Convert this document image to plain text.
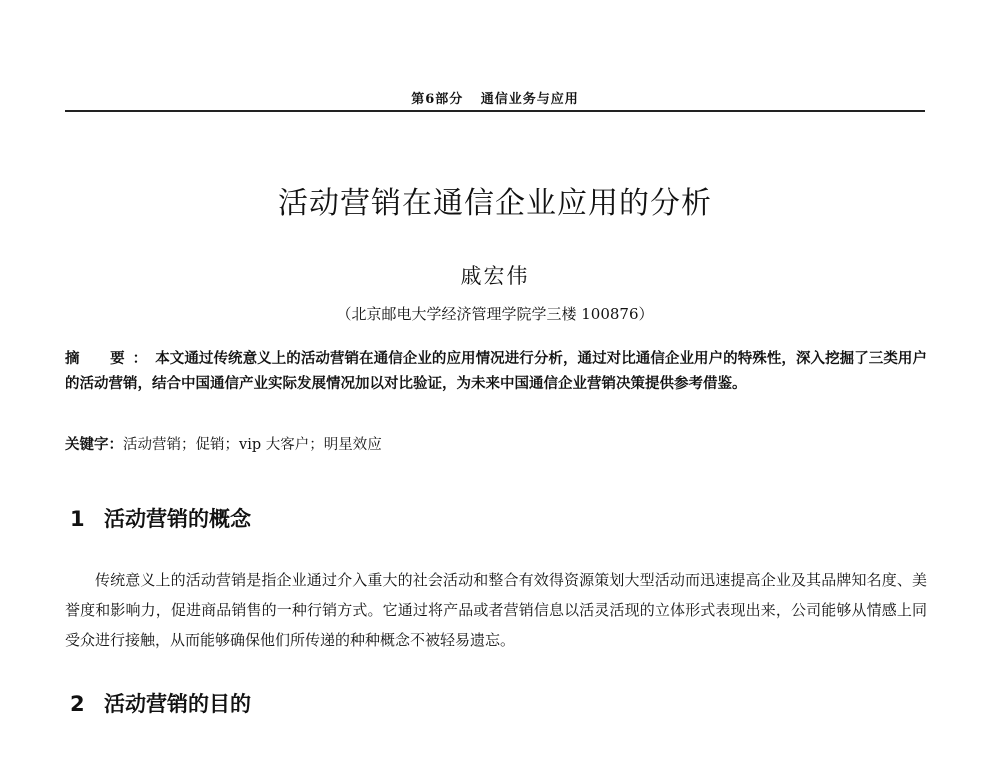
第6部分 通信业务与应用
活动营销在通信企业应用的分析
戚宏伟
（北京邮电大学经济管理学院学三楼 100876）
摘　要：本文通过传统意义上的活动营销在通信企业的应用情况进行分析，通过对比通信企业用户的特殊性，深入挖掘了三类用户的活动营销，结合中国通信产业实际发展情况加以对比验证，为未来中国通信企业营销决策提供参考借鉴。
关键字：活动营销；促销；vip 大客户；明星效应
1 活动营销的概念
传统意义上的活动营销是指企业通过介入重大的社会活动和整合有效得资源策划大型活动而迅速提高企业及其品牌知名度、美誉度和影响力，促进商品销售的一种行销方式。它通过将产品或者营销信息以活灵活现的立体形式表现出来，公司能够从情感上同受众进行接触，从而能够确保他们所传递的种种概念不被轻易遗忘。
2 活动营销的目的
